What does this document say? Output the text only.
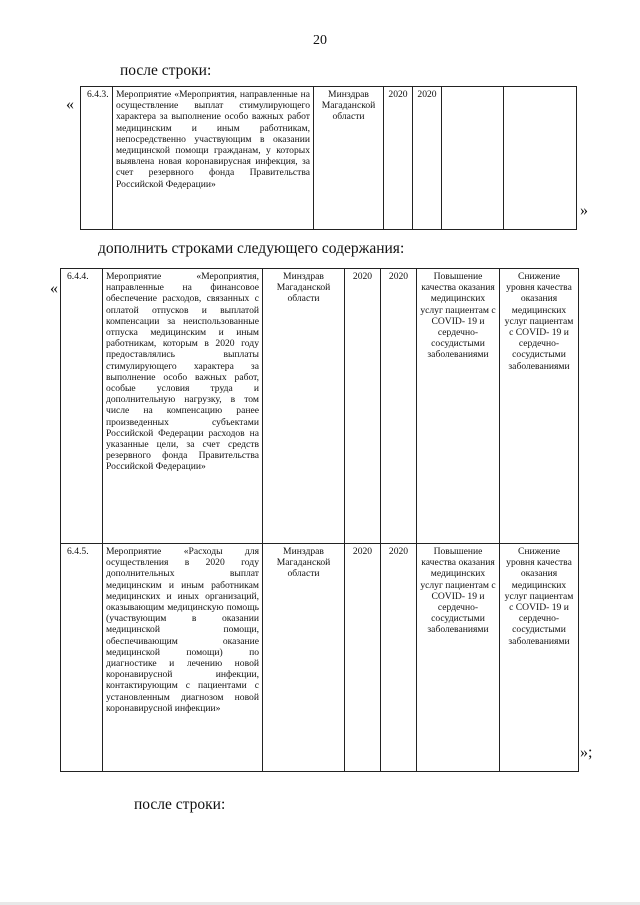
20
после строки:
«
6.4.3.	Мероприятие «Мероприятия, направленные на осуществление выплат стимулирующего характера за выполнение особо важных работ медицинским и иным работникам, непосредственно участвующим в оказании медицинской помощи гражданам, у которых выявлена новая коронавирусная инфекция, за счет резервного фонда Правительства Российской Федерации»	Минздрав Магаданской области	2020	2020		
»
дополнить строками следующего содержания:
«
6.4.4.	Мероприятие «Мероприятия, направленные на финансовое обеспечение расходов, связанных с оплатой отпусков и выплатой компенсации за неиспользованные отпуска медицинским и иным работникам, которым в 2020 году предоставлялись выплаты стимулирующего характера за выполнение особо важных работ, особые условия труда и дополнительную нагрузку, в том числе на компенсацию ранее произведенных субъектами Российской Федерации расходов на указанные цели, за счет средств резервного фонда Правительства Российской Федерации»	Минздрав Магаданской области	2020	2020	Повышение качества оказания медицинских услуг пациентам с COVID- 19 и сердечно-сосудистыми заболеваниями	Снижение уровня качества оказания медицинских услуг пациентам с COVID- 19 и сердечно-сосудистыми заболеваниями
6.4.5.	Мероприятие «Расходы для осуществления в 2020 году дополнительных выплат медицинским и иным работникам медицинских и иных организаций, оказывающим медицинскую помощь (участвующим в оказании медицинской помощи, обеспечивающим оказание медицинской помощи) по диагностике и лечению новой коронавирусной инфекции, контактирующим с пациентами с установленным диагнозом новой коронавирусной инфекции»	Минздрав Магаданской области	2020	2020	Повышение качества оказания медицинских услуг пациентам с COVID- 19 и сердечно-сосудистыми заболеваниями	Снижение уровня качества оказания медицинских услуг пациентам с COVID- 19 и сердечно-сосудистыми заболеваниями
»;
после строки:
